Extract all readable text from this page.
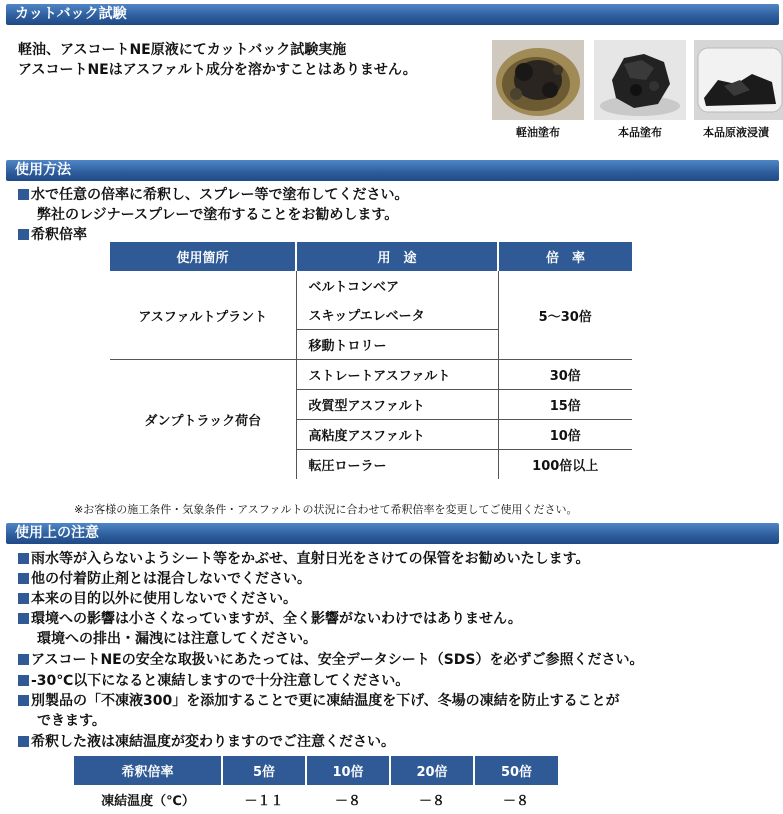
カットバック試験
軽油、アスコートNE原液にてカットバック試験実施
アスコートNEはアスファルト成分を溶かすことはありません。
軽油塗布	本品塗布	本品原液浸漬
使用方法
水で任意の倍率に希釈し、スプレー等で塗布してください。
弊社のレジナースプレーで塗布することをお勧めします。
希釈倍率
使用箇所	用　途	倍　率
アスファルトプラント	ベルトコンベア	5～30倍
	スキップエレベータ	
	移動トロリー	
ダンプトラック荷台	ストレートアスファルト	30倍
	改質型アスファルト	15倍
	高粘度アスファルト	10倍
	転圧ローラー	100倍以上
※お客様の施工条件・気象条件・アスファルトの状況に合わせて希釈倍率を変更してご使用ください。
使用上の注意
雨水等が入らないようシート等をかぶせ、直射日光をさけての保管をお勧めいたします。
他の付着防止剤とは混合しないでください。
本来の目的以外に使用しないでください。
環境への影響は小さくなっていますが、全く影響がないわけではありません。
環境への排出・漏洩には注意してください。
アスコートNEの安全な取扱いにあたっては、安全データシート（SDS）を必ずご参照ください。
-30℃以下になると凍結しますので十分注意してください。
別製品の「不凍液300」を添加することで更に凍結温度を下げ、冬場の凍結を防止することが
できます。
希釈した液は凍結温度が変わりますのでご注意ください。
希釈倍率	5倍	10倍	20倍	50倍
凍結温度（℃）	－１１	－８	－８	－８
